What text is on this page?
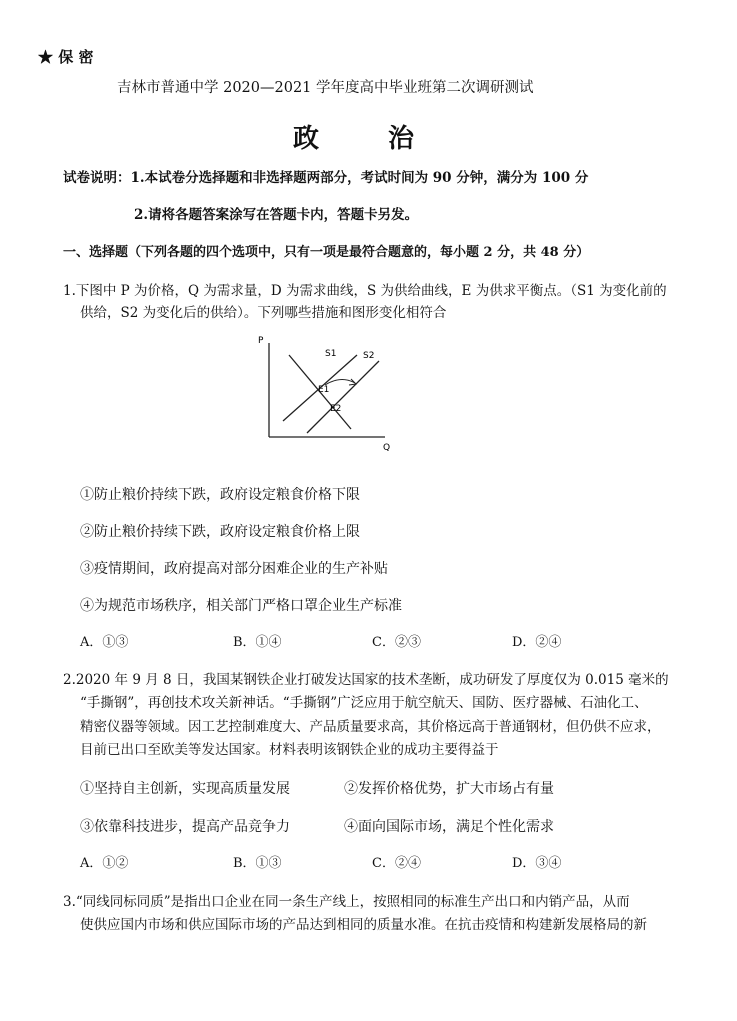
★ 保 密
吉林市普通中学 2020—2021 学年度高中毕业班第二次调研测试
政 治
试卷说明：1.本试卷分选择题和非选择题两部分，考试时间为 90 分钟，满分为 100 分
2.请将各题答案涂写在答题卡内，答题卡另发。
一、选择题（下列各题的四个选项中，只有一项是最符合题意的，每小题 2 分，共 48 分）
1.下图中 P 为价格，Q 为需求量，D 为需求曲线，S 为供给曲线，E 为供求平衡点。（S1 为变化前的
供给，S2 为变化后的供给）。下列哪些措施和图形变化相符合
P
Q
S1	S2
E1
E2
①防止粮价持续下跌，政府设定粮食价格下限
②防止粮价持续下跌，政府设定粮食价格上限
③疫情期间，政府提高对部分困难企业的生产补贴
④为规范市场秩序，相关部门严格口罩企业生产标准
A．①③	B．①④	C．②③	D．②④
2.2020 年 9 月 8 日，我国某钢铁企业打破发达国家的技术垄断，成功研发了厚度仅为 0.015 毫米的
“手撕钢”，再创技术攻关新神话。“手撕钢”广泛应用于航空航天、国防、医疗器械、石油化工、
精密仪器等领域。因工艺控制难度大、产品质量要求高，其价格远高于普通钢材，但仍供不应求，
目前已出口至欧美等发达国家。材料表明该钢铁企业的成功主要得益于
①坚持自主创新，实现高质量发展	②发挥价格优势，扩大市场占有量
③依靠科技进步，提高产品竞争力	④面向国际市场，满足个性化需求
A．①②	B．①③	C．②④	D．③④
3.“同线同标同质”是指出口企业在同一条生产线上，按照相同的标准生产出口和内销产品，从而
使供应国内市场和供应国际市场的产品达到相同的质量水准。在抗击疫情和构建新发展格局的新
